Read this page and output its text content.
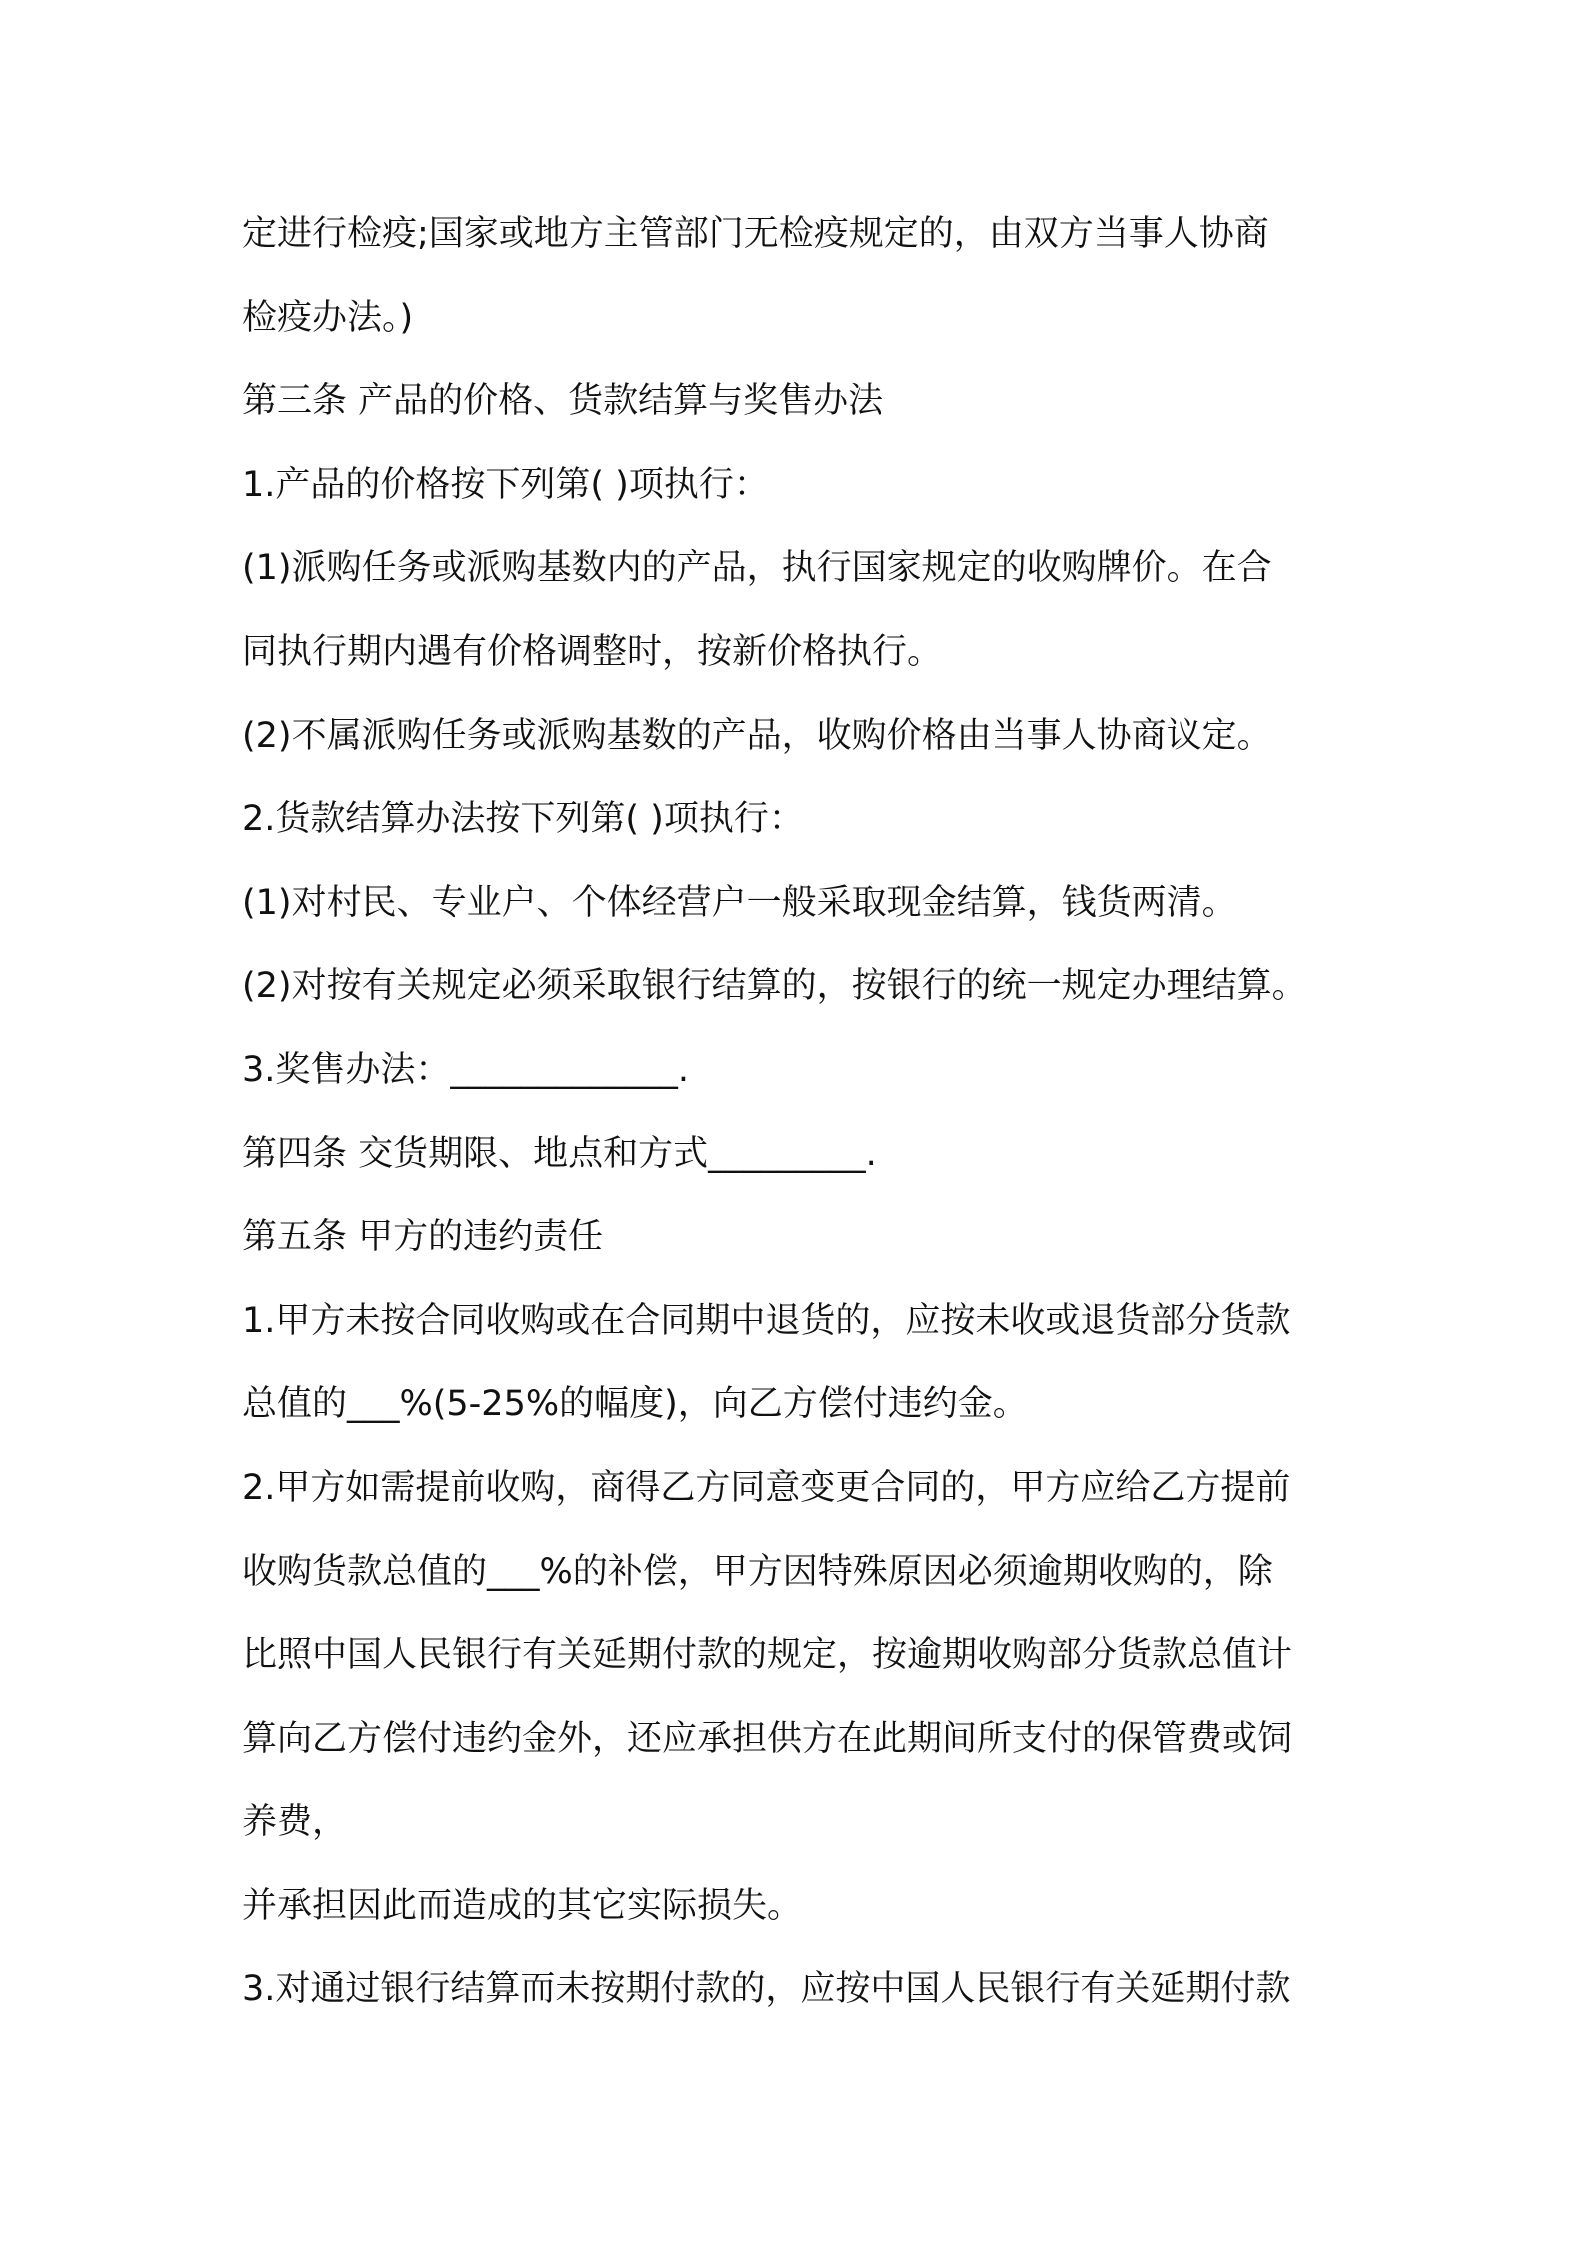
定进行检疫;国家或地方主管部门无检疫规定的，由双方当事人协商
检疫办法。)
第三条 产品的价格、货款结算与奖售办法
1.产品的价格按下列第( )项执行：
(1)派购任务或派购基数内的产品，执行国家规定的收购牌价。在合
同执行期内遇有价格调整时，按新价格执行。
(2)不属派购任务或派购基数的产品，收购价格由当事人协商议定。
2.货款结算办法按下列第( )项执行：
(1)对村民、专业户、个体经营户一般采取现金结算，钱货两清。
(2)对按有关规定必须采取银行结算的，按银行的统一规定办理结算。
3.奖售办法：_____________.
第四条 交货期限、地点和方式_________.
第五条 甲方的违约责任
1.甲方未按合同收购或在合同期中退货的，应按未收或退货部分货款
总值的___%(5-25%的幅度)，向乙方偿付违约金。
2.甲方如需提前收购，商得乙方同意变更合同的，甲方应给乙方提前
收购货款总值的___%的补偿，甲方因特殊原因必须逾期收购的，除
比照中国人民银行有关延期付款的规定，按逾期收购部分货款总值计
算向乙方偿付违约金外，还应承担供方在此期间所支付的保管费或饲
养费，
并承担因此而造成的其它实际损失。
3.对通过银行结算而未按期付款的，应按中国人民银行有关延期付款
